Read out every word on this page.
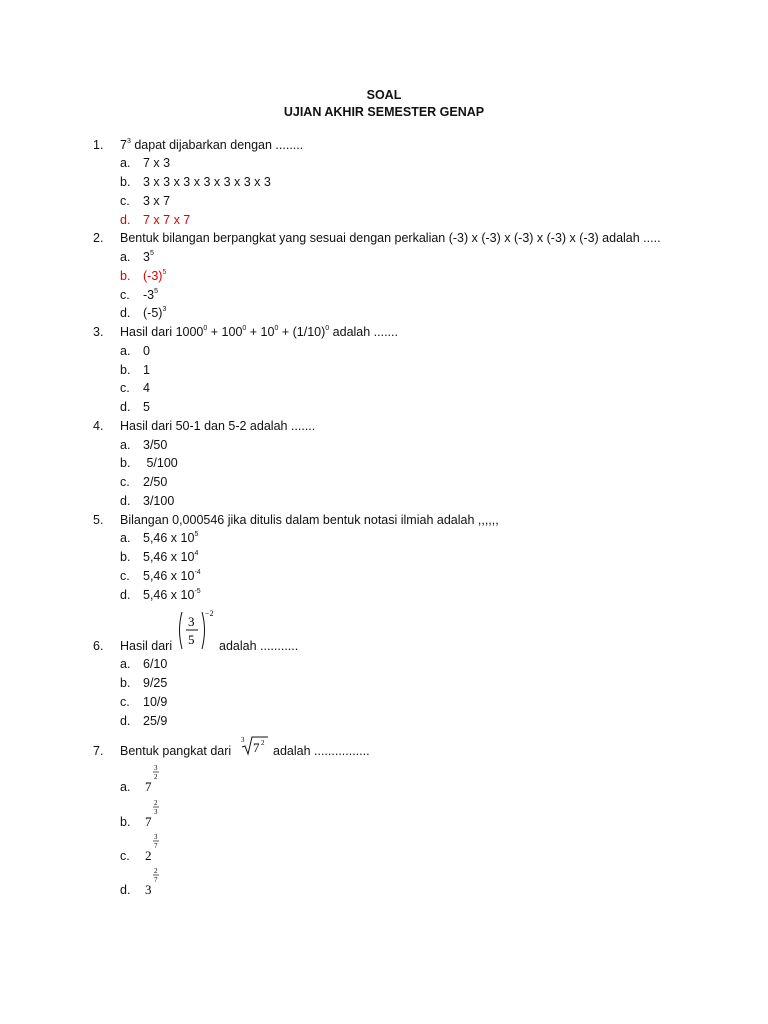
SOAL
UJIAN AKHIR SEMESTER GENAP
1. $7^3$ dapat dijabarkan dengan ........
a. 7 x 3
b. 3 x 3 x 3 x 3 x 3 x 3 x 3
c. 3 x 7
d. 7 x 7 x 7
2. Bentuk bilangan berpangkat yang sesuai dengan perkalian (-3) x (-3) x (-3) x (-3) x (-3) adalah .....
a. $3^5$
b. $(-3)^5$
c. $-3^5$
d. $(-5)^3$
3. Hasil dari $1000^0 + 100^0 + 10^0 + (1/10)^0$ adalah .......
a. 0
b. 1
c. 4
d. 5
4. Hasil dari 50-1 dan 5-2 adalah .......
a. 3/50
b. 5/100
c. 2/50
d. 3/100
5. Bilangan 0,000546 jika ditulis dalam bentuk notasi ilmiah adalah ,,,,,,
a. 5,46 x $10^5$
b. 5,46 x $10^4$
c. 5,46 x $10^{-4}$
d. 5,46 x $10^{-5}$
6. Hasil dari	adalah ...........
3
5
−2
a. 6/10
b. 9/25
c. 10/9
d. 25/9
7. Bentuk pangkat dari	adalah ................
3 7 2
a. 7
3
2
b. 7
2
3
c. 2
3
7
d. 3
2
7
